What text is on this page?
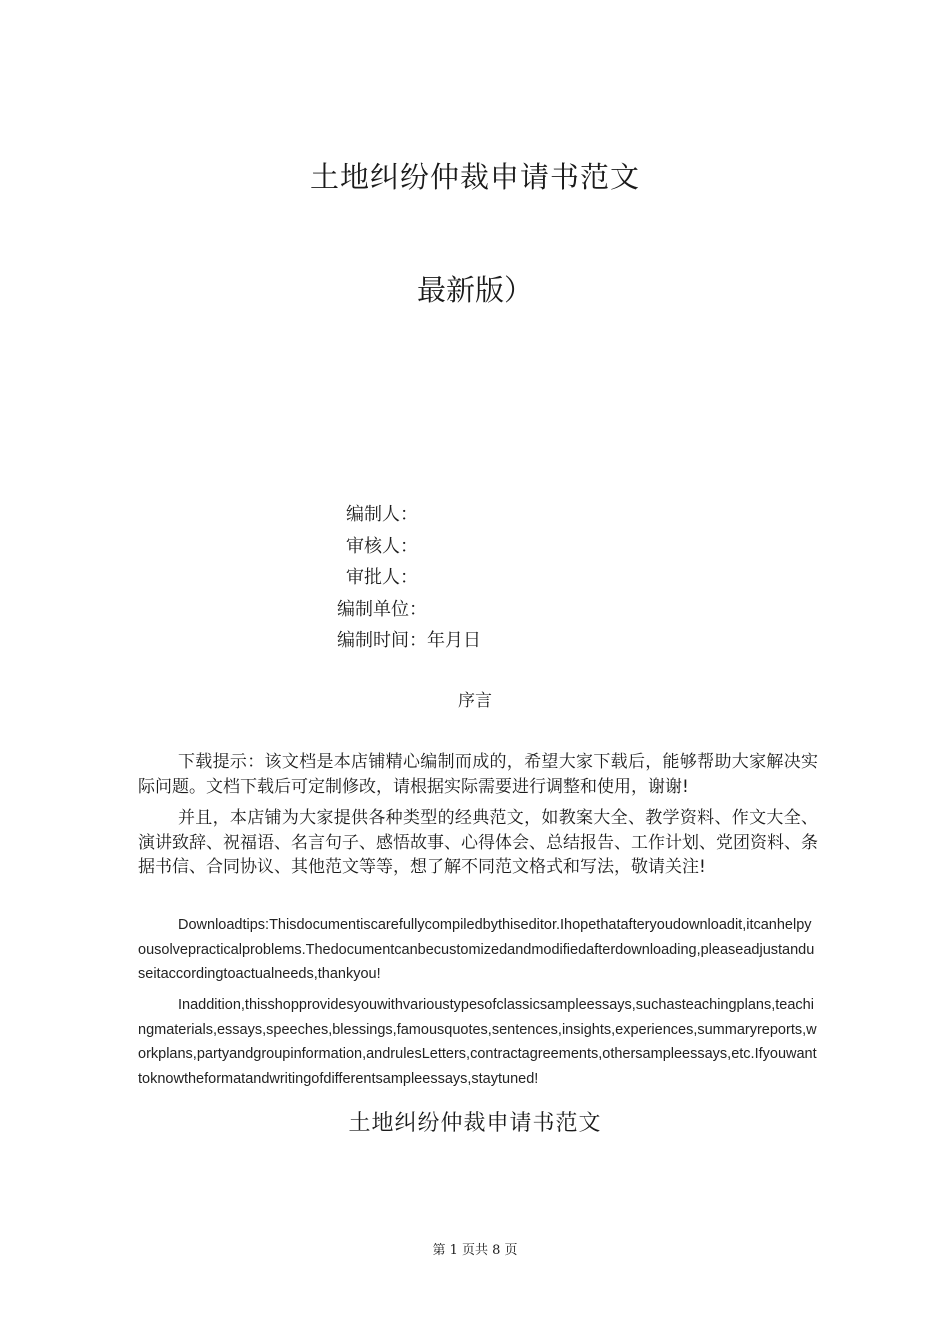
土地纠纷仲裁申请书范文
最新版）
编制人：
审核人：
审批人：
编制单位：
编制时间：年月日
序言

下载提示：该文档是本店铺精心编制而成的，希望大家下载后，能够帮助大家解决实际问题。文档下载后可定制修改，请根据实际需要进行调整和使用，谢谢!

并且，本店铺为大家提供各种类型的经典范文，如教案大全、教学资料、作文大全、演讲致辞、祝福语、名言句子、感悟故事、心得体会、总结报告、工作计划、党团资料、条据书信、合同协议、其他范文等等，想了解不同范文格式和写法，敬请关注!

Downloadtips:Thisdocumentiscarefullycompiledbythiseditor.Ihopethatafteryoudownloadit,itcanhelpyousolvepracticalproblems.Thedocumentcanbecustomizedandmodifiedafterdownloading,pleaseadjustanduseitaccordingtoactualneeds,thankyou!

Inaddition,thisshopprovidesyouwithvarioustypesofclassicsampleessays,suchasteachingplans,teachingmaterials,essays,speeches,blessings,famousquotes,sentences,insights,experiences,summaryreports,workplans,partyandgroupinformation,andrulesLetters,contractagreements,othersampleessays,etc.Ifyouwanttoknowtheformatandwritingofdifferentsampleessays,staytuned!

土地纠纷仲裁申请书范文
第 1 页共 8 页
